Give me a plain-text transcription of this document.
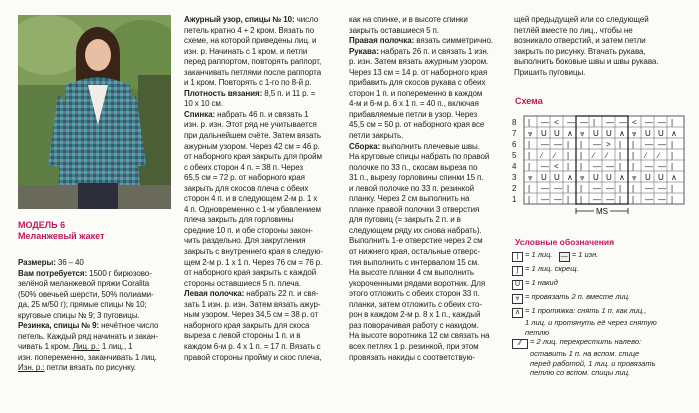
МОДЕЛЬ 6
Меланжевый жакет

Размеры: 36 – 40

Вам потребуется: 1500 г бирюзово-

зелёной меланжевой пряжи Coralita

(50% овечьей шерсти, 50% полиами-

да, 25 м/50 г); прямые спицы № 10;

круговые спицы № 9; 3 пуговицы.

Резинка, спицы № 9: нечётное число

петель. Каждый ряд начинать и закан-

чивать 1 кром. Лиц. р.: 1 лиц., 1

изн. попеременно, заканчивать 1 лиц.

Изн. р.: петли вязать по рисунку.

Ажурный узор, спицы № 10: число

петель кратно 4 + 2 кром. Вязать по

схеме, на которой приведены лиц. и

изн. р. Начинать с 1 кром. и петли

перед раппортом, повторять раппорт,

заканчивать петлями после раппорта

и 1 кром. Повторять с 1-го по 8-й р.

Плотность вязания: 8,5 п. и 11 р. =

10 х 10 см.

Спинка: набрать 46 п. и связать 1

изн. р. изн. Этот ряд не учитывается

при дальнейшем счёте. Затем вязать

ажурным узором. Через 42 см = 46 р.

от наборного края закрыть для пройм

с обеих сторон 4 п. = 38 п. Через

65,5 см = 72 р. от наборного края

закрыть для скосов плеча с обеих

сторон 4 п. и в следующем 2-м р. 1 х

4 п. Одновременно с 1-м убавлением

плеча закрыть для горловины

средние 10 п. и обе стороны закон-

чить раздельно. Для закругления

закрыть с внутреннего края в следую-

щем 2-м р. 1 х 1 п. Через 76 см = 76 р.

от наборного края закрыть с каждой

стороны оставшиеся 5 п. плеча.

Левая полочка: набрать 22 п. и свя-

зать 1 изн. р. изн. Затем вязать ажур-

ным узором. Через 34,5 см = 38 р. от

наборного края закрыть для скоса

выреза с левой стороны 1 п. и в

каждом 6-м р. 4 х 1 п. = 17 п. Вязать с

правой стороны пройму и скос плеча,

как на спинке, и в высоте спинки

закрыть оставшиеся 5 п.

Правая полочка: вязать симметрично.

Рукава: набрать 26 п. и связать 1 изн.

р. изн. Затем вязать ажурным узором.

Через 13 см = 14 р. от наборного края

прибавить для скосов рукава с обеих

сторон 1 п. и попеременно в каждом

4-м и 6-м р. 6 х 1 п. = 40 п., включая

прибавляемые петли в узор. Через

45,5 см = 50 р. от наборного края все

петли закрыть.

Сборка: выполнить плечевые швы.

На круговые спицы набрать по правой

полочке по 33 п., скосам выреза по

31 п., вырезу горловины спинки 15 п.

и левой полочке по 33 п. резинкой

планку. Через 2 см выполнить на

планке правой полочки 3 отверстия

для пуговиц (= закрыть 2 п. и в

следующем ряду их снова набрать).

Выполнить 1-е отверстие через 2 см

от нижнего края, остальные отверс-

тия выполнить с интервалом 15 см.

На высоте планки 4 см выполнить

укороченными рядами воротник. Для

этого отложить с обеих сторон 33 п.

планки, затем отложить с обеих сто-

рон в каждом 2-м р. 8 х 1 п., каждый

раз поворачивая работу с накидом.

На высоте воротника 12 см связать на

всех петлях 1 р. резинкой, при этом

провязать накиды с соответствую-

щей предыдущей или со следующей

петлёй вместе по лиц., чтобы не

возникало отверстий, и затем петли

закрыть по рисунку. Втачать рукава,

выполнить боковые швы и швы рукава.

Пришить пуговицы.

Схема
8
7
6
5
4
3
2
1
| — < — — | — — < — — |
⩔ U U ∧ ⩔ U U ∧ ⩔ U U ∧
| — — | | — > | | — — |
| ∕ ∕ | | ∕ ∕ | | ∕ ∕ |
| — < | | — — | | — — |
⩔ U U ∧ ⩔ U U ∧ ⩔ U U ∧
| — — | | — — | | — — |
| — — | | — — | | — — |
MS
Условные обозначения
| = 1 лиц. — = 1 изн.
∫ = 1 лиц. скрещ.
U = 1 накид
⩔ = провязать 2 п. вместе лиц.
∧ = 1 протяжка: снять 1 п. как лиц.,
1 лиц. и протянуть её через снятую
петлю
⁄⁄ = 2 лиц. перекрестить налево:
оставить 1 п. на вспом. спице
перед работой, 1 лиц. и провязать
петлю со вспом. спицы лиц.
